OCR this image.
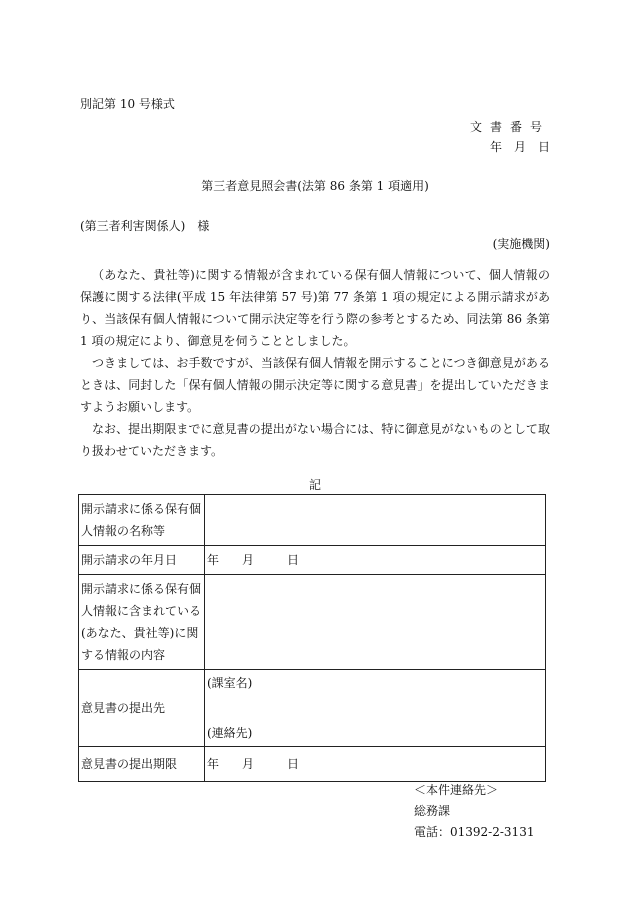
別記第 10 号様式
文書番号
年　月　日
第三者意見照会書(法第 86 条第 1 項適用)
(第三者利害関係人)　様
(実施機関)

（あなた、貴社等)に関する情報が含まれている保有個人情報について、個人情報の保護に関する法律(平成 15 年法律第 57 号)第 77 条第 1 項の規定による開示請求があり、当該保有個人情報について開示決定等を行う際の参考とするため、同法第 86 条第 1 項の規定により、御意見を伺うこととしました。

つきましては、お手数ですが、当該保有個人情報を開示することにつき御意見があるときは、同封した「保有個人情報の開示決定等に関する意見書」を提出していただきますようお願いします。

なお、提出期限までに意見書の提出がない場合には、特に御意見がないものとして取り扱わせていただきます。

記
開示請求に係る保有個人情報の名称等	
開示請求の年月日	年 月 日
開示請求に係る保有個人情報に含まれている(あなた、貴社等)に関する情報の内容	
意見書の提出先	(課室名)
(連絡先)

意見書の提出期限	年 月 日
＜本件連絡先＞
総務課
電話：01392-2-3131
